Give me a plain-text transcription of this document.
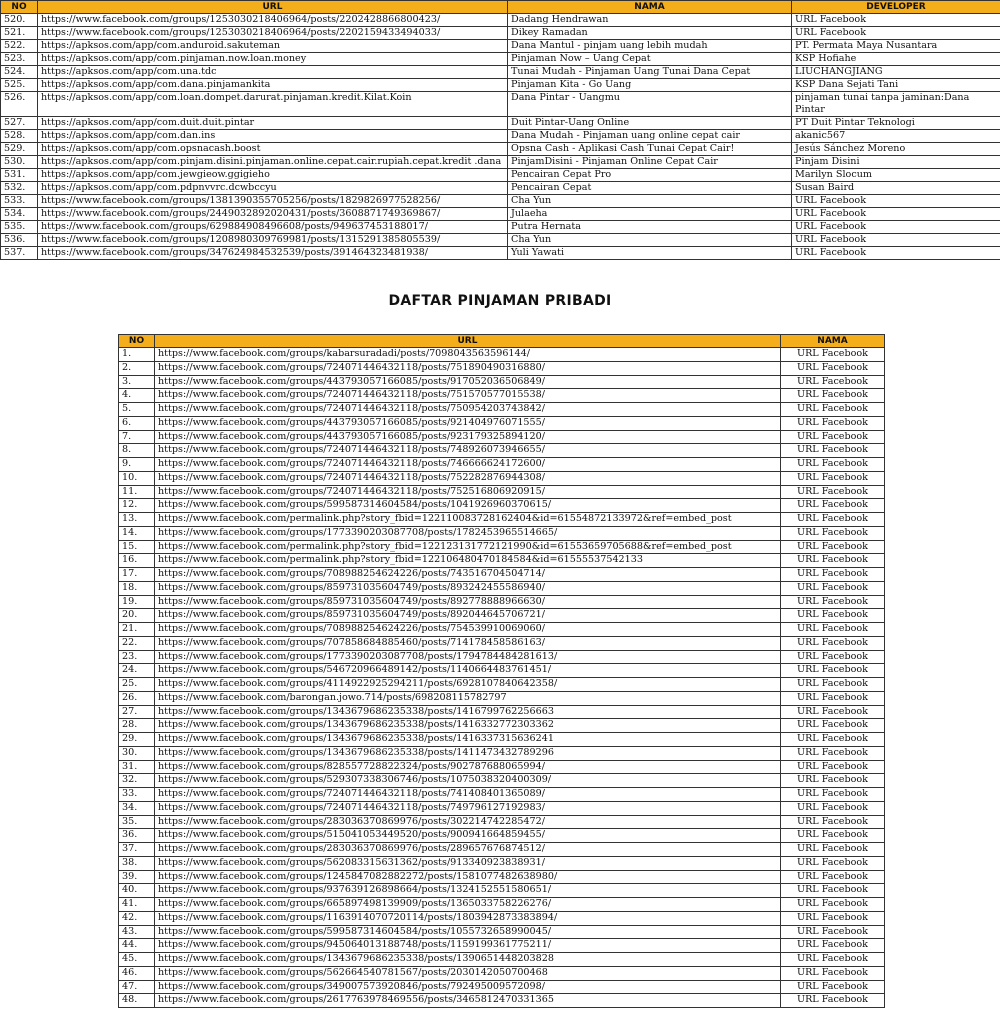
NO	URL	NAMA	DEVELOPER
520.	https://www.facebook.com/groups/1253030218406964/posts/2202428866800423/	Dadang Hendrawan	URL Facebook
521.	https://www.facebook.com/groups/1253030218406964/posts/2202159433494033/	Dikey Ramadan	URL Facebook
522.	https://apksos.com/app/com.anduroid.sakuteman	Dana Mantul - pinjam uang lebih mudah	PT. Permata Maya Nusantara
523.	https://apksos.com/app/com.pinjaman.now.loan.money	Pinjaman Now – Uang Cepat	KSP Hofiahe
524.	https://apksos.com/app/com.una.tdc	Tunai Mudah - Pinjaman Uang Tunai Dana Cepat	LIUCHANGJIANG
525.	https://apksos.com/app/com.dana.pinjamankita	Pinjaman Kita - Go Uang	KSP Dana Sejati Tani
526.	https://apksos.com/app/com.loan.dompet.darurat.pinjaman.kredit.Kilat.Koin	Dana Pintar - Uangmu	pinjaman tunai tanpa jaminan:Dana Pintar
527.	https://apksos.com/app/com.duit.duit.pintar	Duit Pintar-Uang Online	PT Duit Pintar Teknologi
528.	https://apksos.com/app/com.dan.ins	Dana Mudah - Pinjaman uang online cepat cair	akanic567
529.	https://apksos.com/app/com.opsnacash.boost	Opsna Cash - Aplikasi Cash Tunai Cepat Cair!	Jesús Sánchez Moreno
530.	https://apksos.com/app/com.pinjam.disini.pinjaman.online.cepat.cair.rupiah.cepat.kredit .dana	PinjamDisini - Pinjaman Online Cepat Cair	Pinjam Disini
531.	https://apksos.com/app/com.jewgieow.ggigieho	Pencairan Cepat Pro	Marilyn Slocum
532.	https://apksos.com/app/com.pdpnvvrc.dcwbccyu	Pencairan Cepat	Susan Baird
533.	https://www.facebook.com/groups/1381390355705256/posts/1829826977528256/	Cha Yun	URL Facebook
534.	https://www.facebook.com/groups/2449032892020431/posts/3608871749369867/	Julaeha	URL Facebook
535.	https://www.facebook.com/groups/629884908496608/posts/949637453188017/	Putra Hernata	URL Facebook
536.	https://www.facebook.com/groups/1208980309769981/posts/1315291385805539/	Cha Yun	URL Facebook
537.	https://www.facebook.com/groups/347624984532539/posts/391464323481938/	Yuli Yawati	URL Facebook
DAFTAR PINJAMAN PRIBADI
NO	URL	NAMA
1.	https://www.facebook.com/groups/kabarsuradadi/posts/7098043563596144/	URL Facebook
2.	https://www.facebook.com/groups/724071446432118/posts/751890490316880/	URL Facebook
3.	https://www.facebook.com/groups/443793057166085/posts/917052036506849/	URL Facebook
4.	https://www.facebook.com/groups/724071446432118/posts/751570577015538/	URL Facebook
5.	https://www.facebook.com/groups/724071446432118/posts/750954203743842/	URL Facebook
6.	https://www.facebook.com/groups/443793057166085/posts/921404976071555/	URL Facebook
7.	https://www.facebook.com/groups/443793057166085/posts/923179325894120/	URL Facebook
8.	https://www.facebook.com/groups/724071446432118/posts/748926073946655/	URL Facebook
9.	https://www.facebook.com/groups/724071446432118/posts/746666624172600/	URL Facebook
10.	https://www.facebook.com/groups/724071446432118/posts/752282876944308/	URL Facebook
11.	https://www.facebook.com/groups/724071446432118/posts/752516806920915/	URL Facebook
12.	https://www.facebook.com/groups/599587314604584/posts/1041926960370615/	URL Facebook
13.	https://www.facebook.com/permalink.php?story_fbid=122110083728162404&id=61554872133972&ref=embed_post	URL Facebook
14.	https://www.facebook.com/groups/1773390203087708/posts/1782453965514665/	URL Facebook
15.	https://www.facebook.com/permalink.php?story_fbid=122123131772121990&id=61553659705688&ref=embed_post	URL Facebook
16.	https://www.facebook.com/permalink.php?story_fbid=122106480470184584&id=61555537542133	URL Facebook
17.	https://www.facebook.com/groups/708988254624226/posts/743516704504714/	URL Facebook
18.	https://www.facebook.com/groups/859731035604749/posts/893242455586940/	URL Facebook
19.	https://www.facebook.com/groups/859731035604749/posts/892778888966630/	URL Facebook
20.	https://www.facebook.com/groups/859731035604749/posts/892044645706721/	URL Facebook
21.	https://www.facebook.com/groups/708988254624226/posts/754539910069060/	URL Facebook
22.	https://www.facebook.com/groups/707858684885460/posts/714178458586163/	URL Facebook
23.	https://www.facebook.com/groups/1773390203087708/posts/1794784484281613/	URL Facebook
24.	https://www.facebook.com/groups/546720966489142/posts/1140664483761451/	URL Facebook
25.	https://www.facebook.com/groups/4114922925294211/posts/6928107840642358/	URL Facebook
26.	https://www.facebook.com/barongan.jowo.714/posts/698208115782797	URL Facebook
27.	https://www.facebook.com/groups/1343679686235338/posts/1416799762256663	URL Facebook
28.	https://www.facebook.com/groups/1343679686235338/posts/1416332772303362	URL Facebook
29.	https://www.facebook.com/groups/1343679686235338/posts/1416337315636241	URL Facebook
30.	https://www.facebook.com/groups/1343679686235338/posts/1411473432789296	URL Facebook
31.	https://www.facebook.com/groups/828557728822324/posts/902787688065994/	URL Facebook
32.	https://www.facebook.com/groups/529307338306746/posts/1075038320400309/	URL Facebook
33.	https://www.facebook.com/groups/724071446432118/posts/741408401365089/	URL Facebook
34.	https://www.facebook.com/groups/724071446432118/posts/749796127192983/	URL Facebook
35.	https://www.facebook.com/groups/283036370869976/posts/302214742285472/	URL Facebook
36.	https://www.facebook.com/groups/515041053449520/posts/900941664859455/	URL Facebook
37.	https://www.facebook.com/groups/283036370869976/posts/289657676874512/	URL Facebook
38.	https://www.facebook.com/groups/562083315631362/posts/913340923838931/	URL Facebook
39.	https://www.facebook.com/groups/1245847082882272/posts/1581077482638980/	URL Facebook
40.	https://www.facebook.com/groups/937639126898664/posts/1324152551580651/	URL Facebook
41.	https://www.facebook.com/groups/665897498139909/posts/1365033758226276/	URL Facebook
42.	https://www.facebook.com/groups/1163914070720114/posts/1803942873383894/	URL Facebook
43.	https://www.facebook.com/groups/599587314604584/posts/1055732658990045/	URL Facebook
44.	https://www.facebook.com/groups/945064013188748/posts/1159199361775211/	URL Facebook
45.	https://www.facebook.com/groups/1343679686235338/posts/1390651448203828	URL Facebook
46.	https://www.facebook.com/groups/562664540781567/posts/2030142050700468	URL Facebook
47.	https://www.facebook.com/groups/349007573920846/posts/792495009572098/	URL Facebook
48.	https://www.facebook.com/groups/2617763978469556/posts/3465812470331365	URL Facebook
